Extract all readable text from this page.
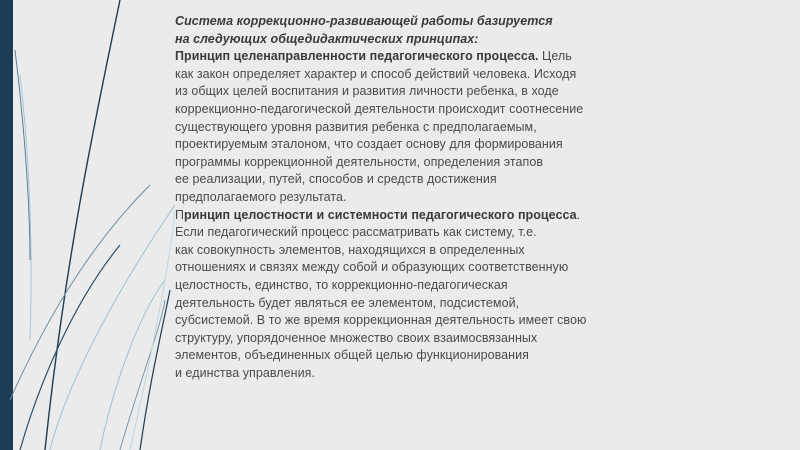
Система коррекционно-развивающей работы базируется
на следующих общедидактических принципах:
Принцип целенаправленности педагогического процесса. Цель
как закон определяет характер и способ действий человека. Исходя
из общих целей воспитания и развития личности ребенка, в ходе
коррекционно-педагогической деятельности происходит соотнесение
существующего уровня развития ребенка с предполагаемым,
проектируемым эталоном, что создает основу для формирования
программы коррекционной деятельности, определения этапов
ее реализации, путей, способов и средств достижения
предполагаемого результата.
Принцип целостности и системности педагогического процесса.
Если педагогический процесс рассматривать как систему, т.е.
как совокупность элементов, находящихся в определенных
отношениях и связях между собой и образующих соответственную
целостность, единство, то коррекционно-педагогическая
деятельность будет являться ее элементом, подсистемой,
субсистемой. В то же время коррекционная деятельность имеет свою
структуру, упорядоченное множество своих взаимосвязанных
элементов, объединенных общей целью функционирования
и единства управления.
